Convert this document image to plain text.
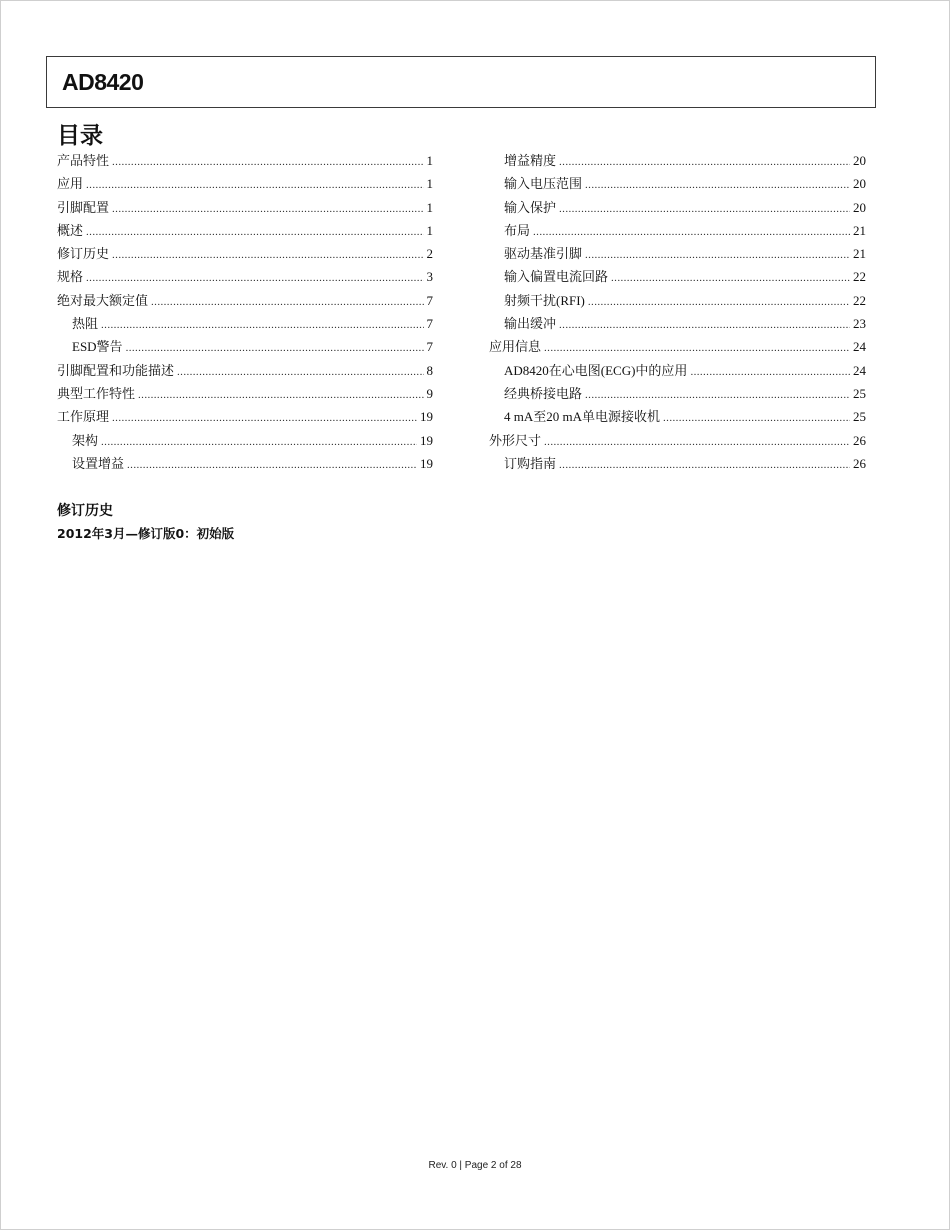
AD8420
目录
产品特性 .....	1
应用 .....	1
引脚配置 .....	1
概述 .....	1
修订历史 .....	2
规格 .....	3
绝对最大额定值 .....	7
热阻 .....	7
ESD警告 .....	7
引脚配置和功能描述 .....	8
典型工作特性 .....	9
工作原理 .....	19
架构 .....	19
设置增益 .....	19
增益精度 .....	20
输入电压范围 .....	20
输入保护 .....	20
布局 .....	21
驱动基准引脚 .....	21
输入偏置电流回路 .....	22
射频干扰(RFI) .....	22
输出缓冲 .....	23
应用信息 .....	24
AD8420在心电图(ECG)中的应用 .....	24
经典桥接电路 .....	25
4 mA至20 mA单电源接收机 .....	25
外形尺寸 .....	26
订购指南 .....	26
修订历史
2012年3月—修订版0：初始版
Rev. 0 | Page 2 of 28
